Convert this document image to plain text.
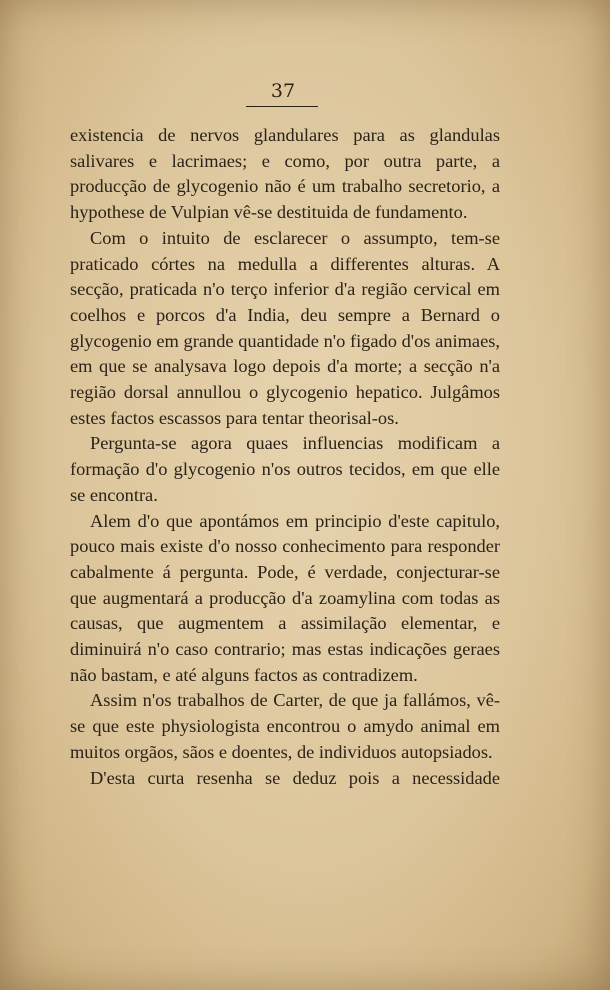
37

existencia de nervos glandulares para as glandulas salivares e lacrimaes; e como, por outra parte, a producção de glycogenio não é um trabalho secretorio, a hypothese de Vulpian vê-se destituida de fundamento.

Com o intuito de esclarecer o assumpto, tem-se praticado córtes na medulla a differentes alturas. A secção, praticada n'o terço inferior d'a região cervical em coelhos e porcos d'a India, deu sempre a Bernard o glycogenio em grande quantidade n'o figado d'os animaes, em que se analysava logo depois d'a morte; a secção n'a região dorsal annullou o glycogenio hepatico. Julgâmos estes factos escassos para tentar theorisal-os.

Pergunta-se agora quaes influencias modificam a formação d'o glycogenio n'os outros tecidos, em que elle se encontra.

Alem d'o que apontámos em principio d'este capitulo, pouco mais existe d'o nosso conhecimento para responder cabalmente á pergunta. Pode, é verdade, conjecturar-se que augmentará a producção d'a zoamylina com todas as causas, que augmentem a assimilação elementar, e diminuirá n'o caso contrario; mas estas indicações geraes não bastam, e até alguns factos as contradizem.

Assim n'os trabalhos de Carter, de que ja fallámos, vê-se que este physiologista encontrou o amydo animal em muitos orgãos, sãos e doentes, de individuos autopsiados.

D'esta curta resenha se deduz pois a necessidade
